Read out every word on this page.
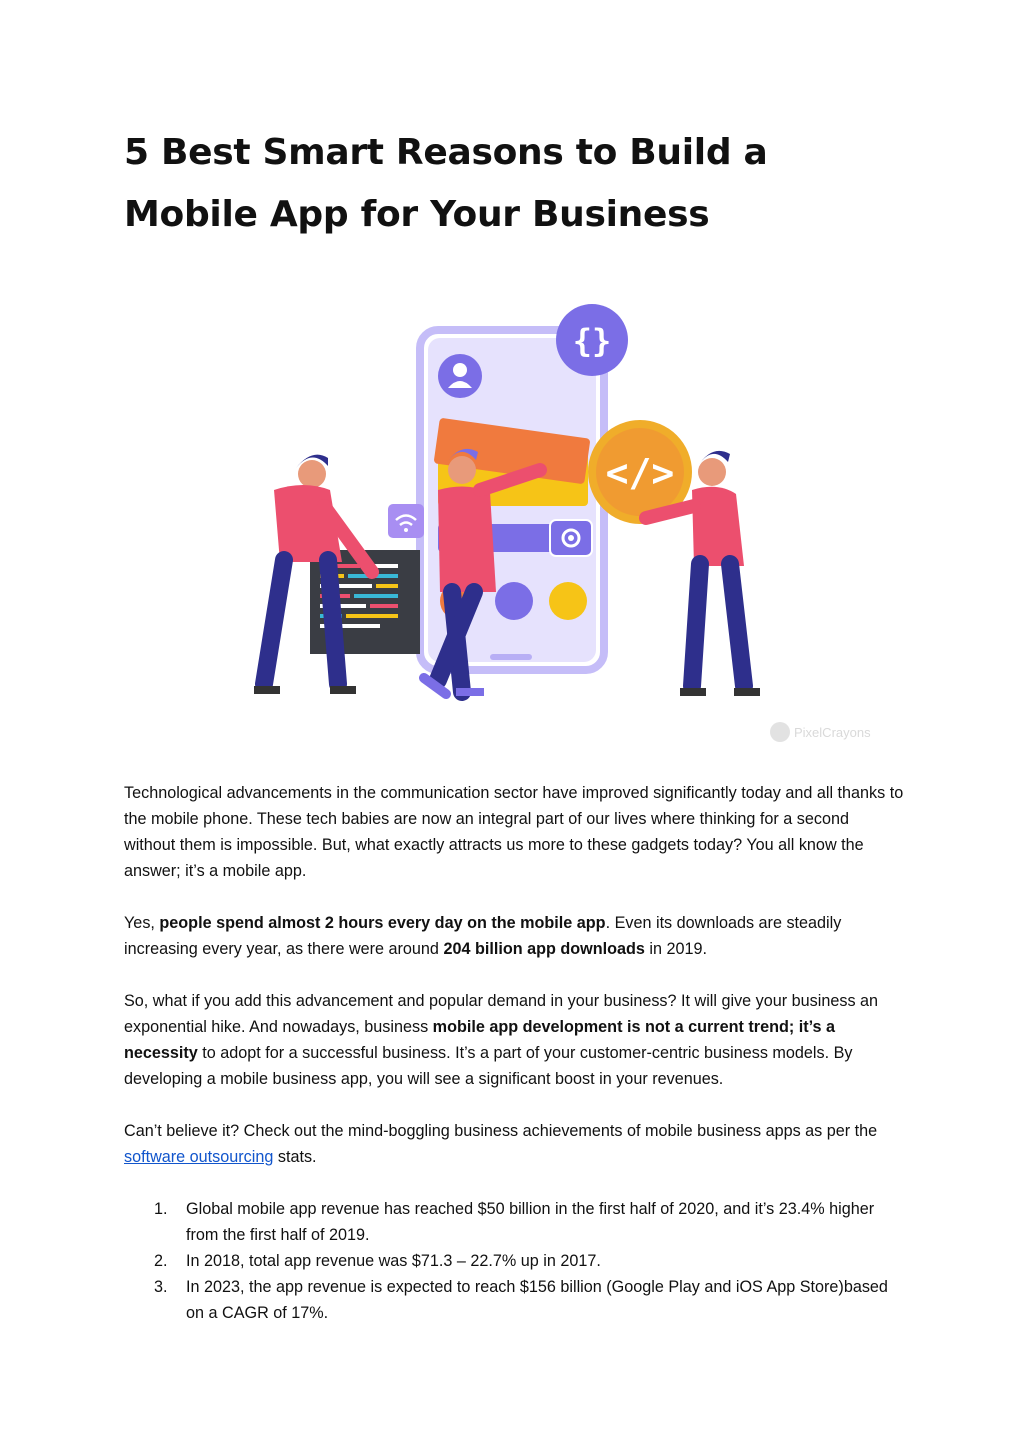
5 Best Smart Reasons to Build a Mobile App for Your Business
{}
</>
PixelCrayons

Technological advancements in the communication sector have improved significantly today and all thanks to the mobile phone. These tech babies are now an integral part of our lives where thinking for a second without them is impossible. But, what exactly attracts us more to these gadgets today? You all know the answer; it’s a mobile app.

Yes, people spend almost 2 hours every day on the mobile app. Even its downloads are steadily increasing every year, as there were around 204 billion app downloads in 2019.

So, what if you add this advancement and popular demand in your business? It will give your business an exponential hike. And nowadays, business mobile app development is not a current trend; it’s a necessity to adopt for a successful business. It’s a part of your customer-centric business models. By developing a mobile business app, you will see a significant boost in your revenues.

Can’t believe it? Check out the mind-boggling business achievements of mobile business apps as per the software outsourcing stats.

1. Global mobile app revenue has reached $50 billion in the first half of 2020, and it’s 23.4% higher from the first half of 2019.
2. In 2018, total app revenue was $71.3 – 22.7% up in 2017.
3. In 2023, the app revenue is expected to reach $156 billion (Google Play and iOS App Store)based on a CAGR of 17%.
